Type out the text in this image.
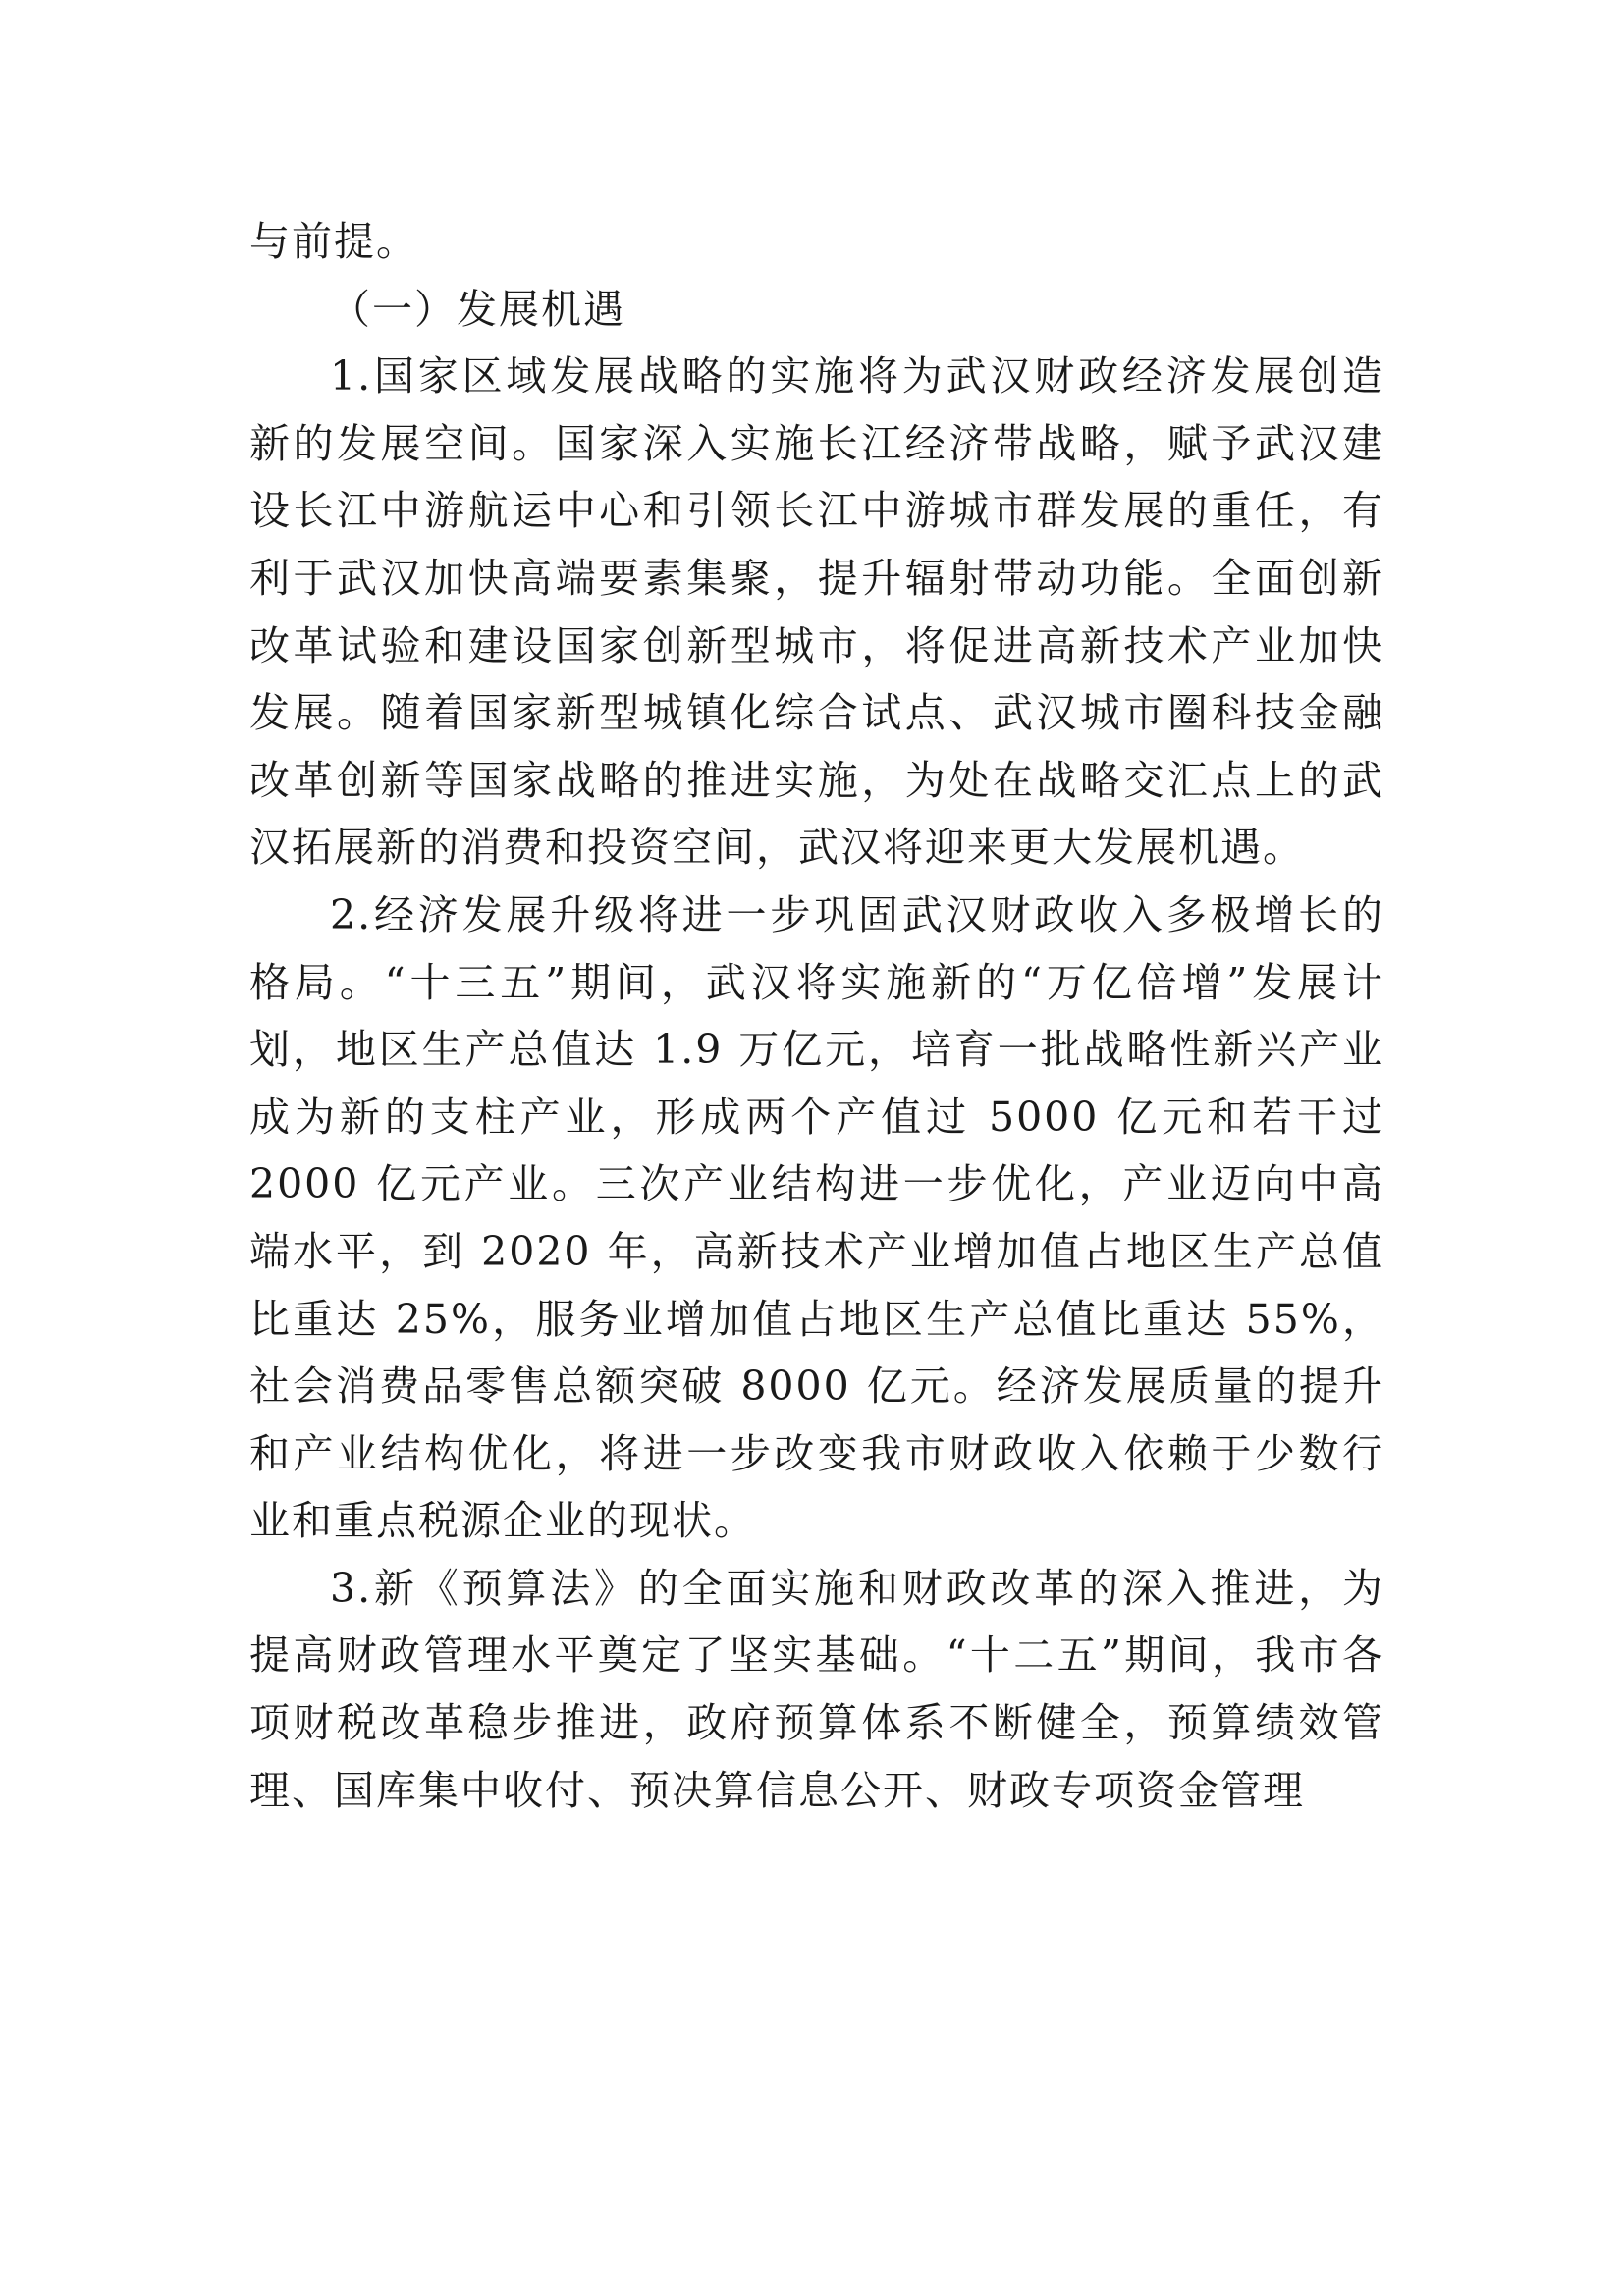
与前提。

（一）发展机遇

1.国家区域发展战略的实施将为武汉财政经济发展创造新的发展空间。国家深入实施长江经济带战略，赋予武汉建设长江中游航运中心和引领长江中游城市群发展的重任，有利于武汉加快高端要素集聚，提升辐射带动功能。全面创新改革试验和建设国家创新型城市，将促进高新技术产业加快发展。随着国家新型城镇化综合试点、武汉城市圈科技金融改革创新等国家战略的推进实施，为处在战略交汇点上的武汉拓展新的消费和投资空间，武汉将迎来更大发展机遇。

2.经济发展升级将进一步巩固武汉财政收入多极增长的格局。“十三五”期间，武汉将实施新的“万亿倍增”发展计划，地区生产总值达 1.9 万亿元，培育一批战略性新兴产业成为新的支柱产业，形成两个产值过 5000 亿元和若干过 2000 亿元产业。三次产业结构进一步优化，产业迈向中高端水平，到 2020 年，高新技术产业增加值占地区生产总值比重达 25%，服务业增加值占地区生产总值比重达 55%，社会消费品零售总额突破 8000 亿元。经济发展质量的提升和产业结构优化，将进一步改变我市财政收入依赖于少数行业和重点税源企业的现状。

3.新《预算法》的全面实施和财政改革的深入推进，为提高财政管理水平奠定了坚实基础。“十二五”期间，我市各项财税改革稳步推进，政府预算体系不断健全，预算绩效管理、国库集中收付、预决算信息公开、财政专项资金管理
